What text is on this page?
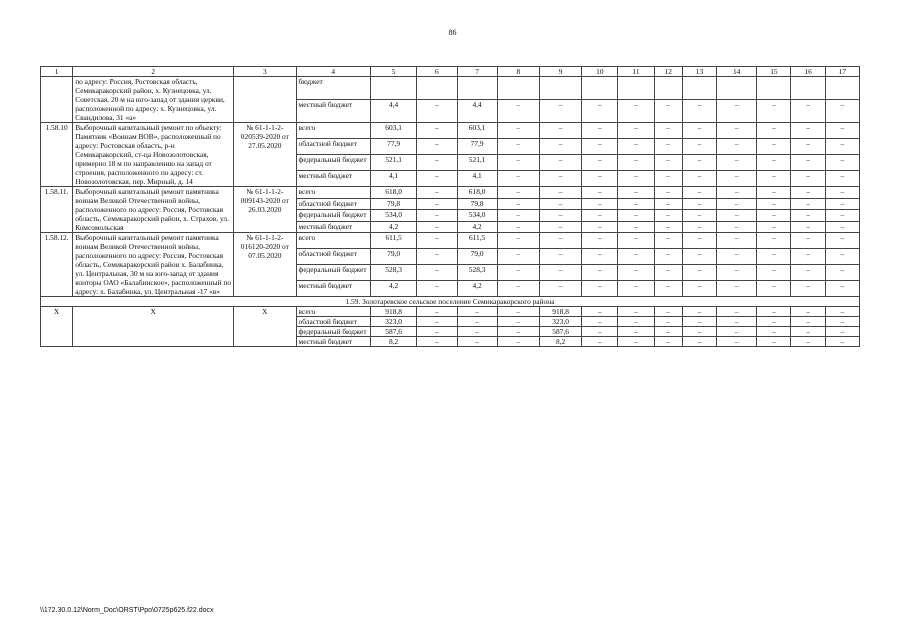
86
1	2	3	4	5	6	7	8	9	10	11	12	13	14	15	16	17
	по адресу: Россия, Ростовская область, Семикаракорский район, х. Кузнецовка, ул. Советская, 20 м на юго-запад от здания церкви, расположенной по адресу: х. Кузнецовка, ул. Свандилова, 31 «а»		бюджет													
			местный бюджет	4,4	–	4,4	–	–	–	–	–	–	–	–	–	–
1.58.10	Выборочный капитальный ремонт по объекту: Памятник «Воинам ВОВ», расположенный по адресу: Ростовская область, р-н Семикаракорский, ст-ца Новозолотовская, примерно 18 м по направлению на запад от строения, расположенного по адресу: ст. Новозолотовская, пер. Мирный, д. 14	№ 61-1-1-2-020539-2020 от 27.05.2020	всего	603,1	–	603,1	–	–	–	–	–	–	–	–	–	–
			областной бюджет	77,9	–	77,9	–	–	–	–	–	–	–	–	–	–
			федеральный бюджет	521,1	–	521,1	–	–	–	–	–	–	–	–	–	–
			местный бюджет	4,1	–	4,1	–	–	–	–	–	–	–	–	–	–
1.58.11.	Выборочный капитальный ремонт памятника воинам Великой Отечественной войны, расположенного по адресу: Россия, Ростовская область, Семикаракорский район, х. Страхов, ул. Комсомольская	№ 61-1-1-2-009143-2020 от 26.03.2020	всего	618,0	–	618,0	–	–	–	–	–	–	–	–	–	–
			областной бюджет	79,8	–	79,8	–	–	–	–	–	–	–	–	–	–
			федеральный бюджет	534,0	–	534,0	–	–	–	–	–	–	–	–	–	–
			местный бюджет	4,2	–	4,2	–	–	–	–	–	–	–	–	–	–
1.58.12.	Выборочный капитальный ремонт памятника воинам Великой Отечественной войны, расположенного по адресу: Россия, Ростовская область, Семикаракорский район х. Балабинка, ул. Центральная, 30 м на юго-запад от здания конторы ОАО «Балабинское», расположенный по адресу: х. Балабинка, ул. Центральная -17 «в»	№ 61-1-1-2-016120-2020 от 07.05.2020	всего	611,5	–	611,5	–	–	–	–	–	–	–	–	–	–
			областной бюджет	79,0	–	79,0	–	–	–	–	–	–	–	–	–	–
			федеральный бюджет	528,3	–	528,3	–	–	–	–	–	–	–	–	–	–
			местный бюджет	4,2	–	4,2	–	–	–	–	–	–	–	–	–	–
1.59. Золотаревское сельское поселение Семикаракорского района																
Х	Х	Х	всего	918,8	–	–	–	918,8	–	–	–	–	–	–	–	–
			областной бюджет	323,0	–	–	–	323,0	–	–	–	–	–	–	–	–
			федеральный бюджет	587,6	–	–	–	587,6	–	–	–	–	–	–	–	–
			местный бюджет	8,2	–	–	–	8,2	–	–	–	–	–	–	–	–
\\172.30.0.12\Norm_Doc\ORST\Ppo\0725p625.f22.docx
